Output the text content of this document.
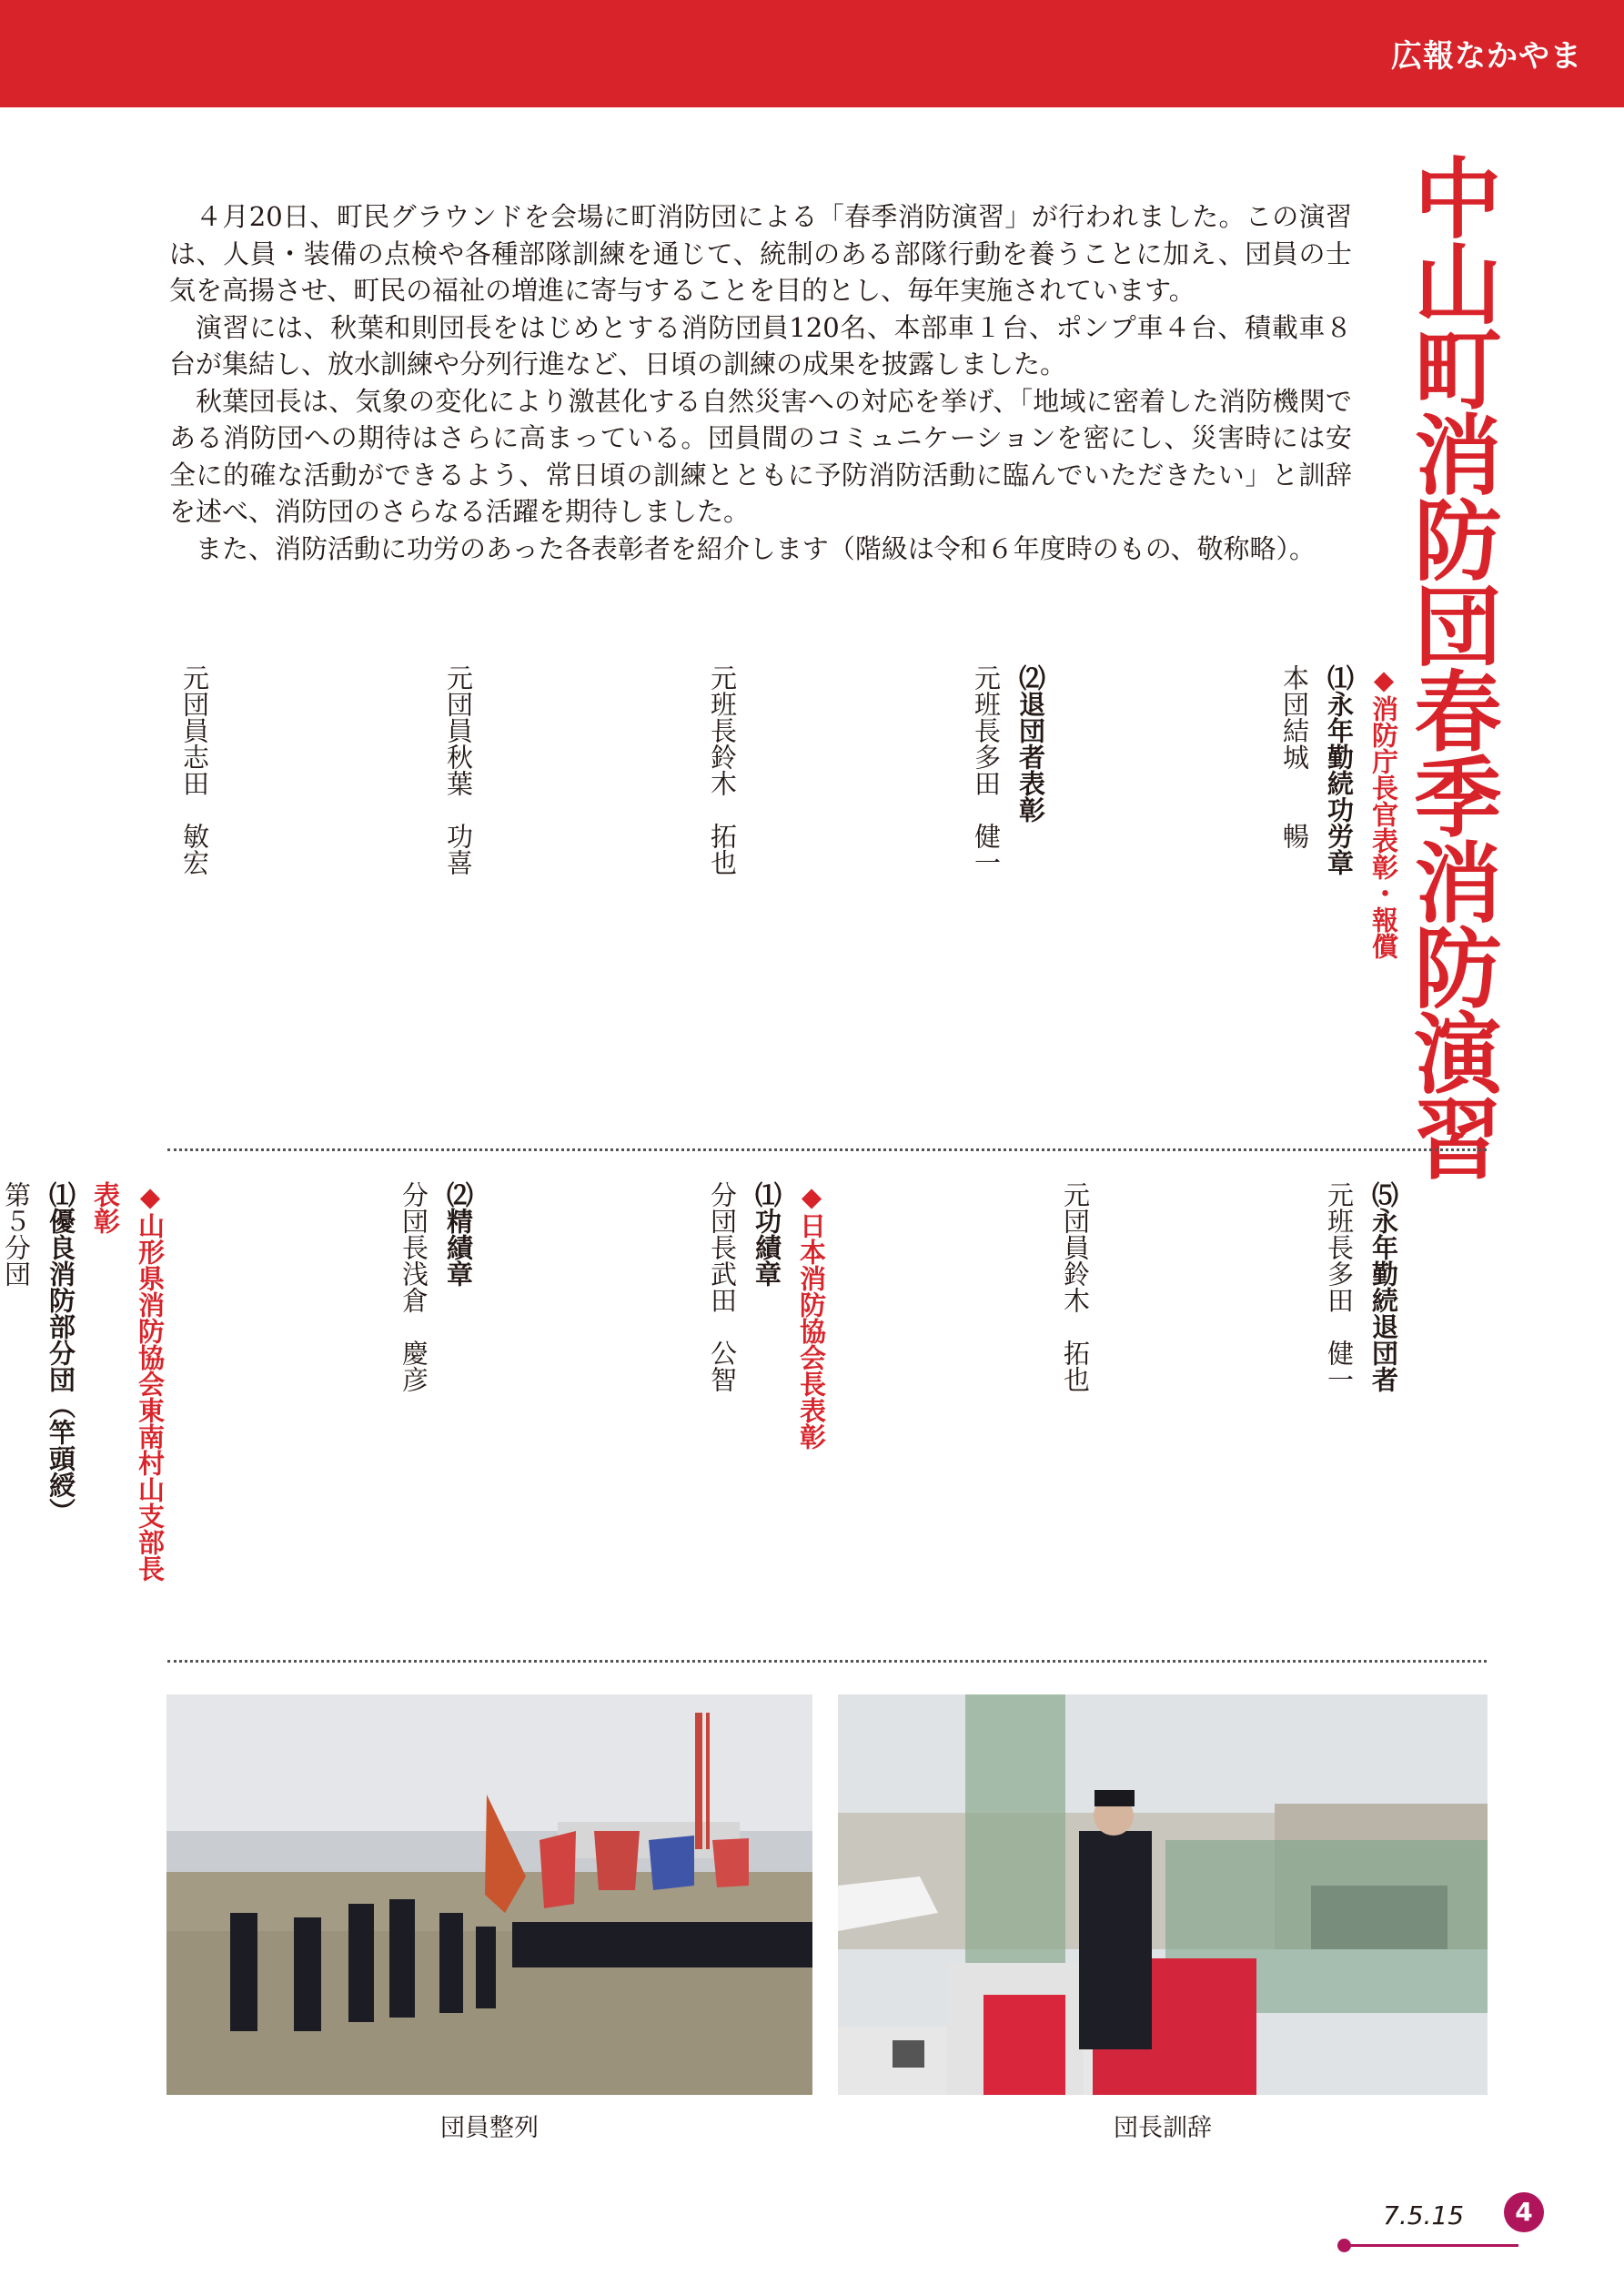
広報なかやま
中山町消防団春季消防演習

４月20日、町民グラウンドを会場に町消防団による「春季消防演習」が行われました。この演習は、人員・装備の点検や各種部隊訓練を通じて、統制のある部隊行動を養うことに加え、団員の士気を高揚させ、町民の福祉の増進に寄与することを目的とし、毎年実施されています。

演習には、秋葉和則団長をはじめとする消防団員120名、本部車１台、ポンプ車４台、積載車８台が集結し、放水訓練や分列行進など、日頃の訓練の成果を披露しました。

秋葉団長は、気象の変化により激甚化する自然災害への対応を挙げ、「地域に密着した消防機関である消防団への期待はさらに高まっている。団員間のコミュニケーションを密にし、災害時には安全に的確な活動ができるよう、常日頃の訓練とともに予防消防活動に臨んでいただきたい」と訓辞を述べ、消防団のさらなる活躍を期待しました。

また、消防活動に功労のあった各表彰者を紹介します（階級は令和６年度時のもの、敬称略）。

◆消防庁長官表彰・報償
⑴永年勤続功労章
本団
結城　　暢
⑵退団者表彰
元班長
多田　健一
元班長
鈴木　拓也
元団員
秋葉　功喜
元団員
志田　敏宏
⑸永年勤続退団者
元班長
多田　健一
元団員
鈴木　拓也
◆日本消防協会長表彰
⑴功績章
分団長
武田　公智
⑵精績章
分団長
浅倉　慶彦
◆山形県消防協会東南村山支部長
表彰
⑴優良消防部分団（竿頭綬）
第５分団
団員整列	団長訓辞
7.5.15	4
